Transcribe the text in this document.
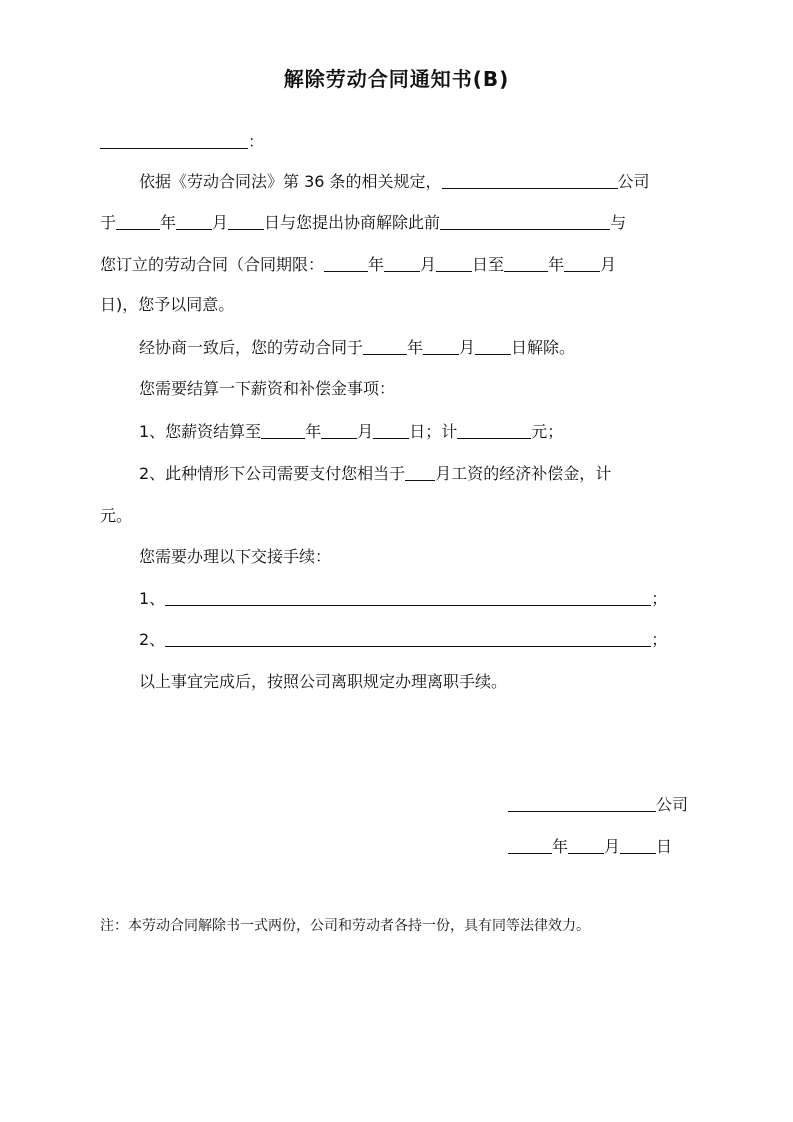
解除劳动合同通知书(B)
：
依据《劳动合同法》第 36 条的相关规定，	公司
于	年 月 日与您提出协商解除此前	与
您订立的劳动合同（合同期限：	年 月 日至	年 月
日)，您予以同意。
经协商一致后，您的劳动合同于	年 月 日解除。
您需要结算一下薪资和补偿金事项：
1、您薪资结算至	年 月 日；计	元；
2、此种情形下公司需要支付您相当于 月工资的经济补偿金，计
元。
您需要办理以下交接手续：
1、	；
2、	；
以上事宜完成后，按照公司离职规定办理离职手续。
公司
年 月 日
注：本劳动合同解除书一式两份，公司和劳动者各持一份，具有同等法律效力。
